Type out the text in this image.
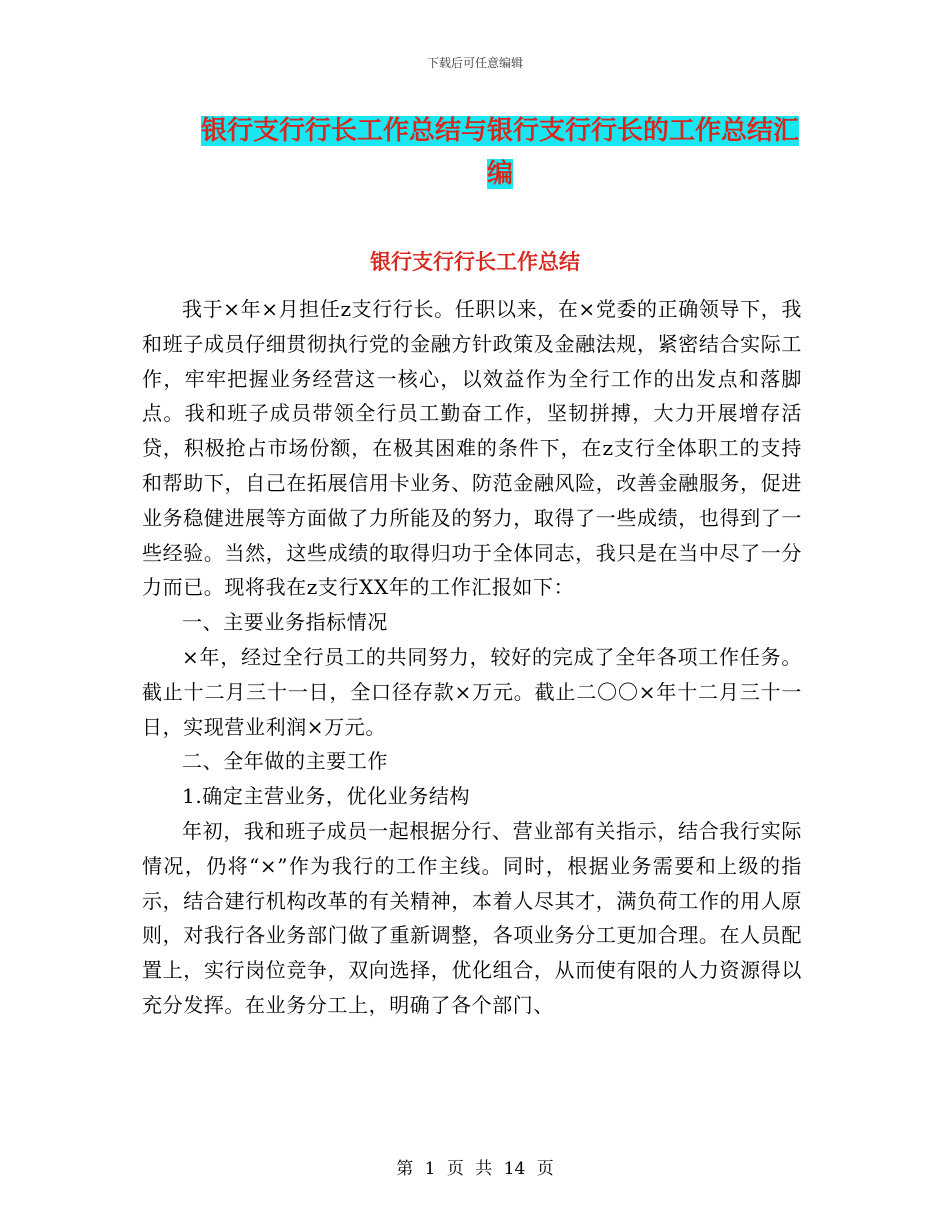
下载后可任意编辑
银行支行行长工作总结与银行支行行长的工作总结汇
编
银行支行行长工作总结

我于×年×月担任z支行行长。任职以来，在×党委的正确领导下，我和班子成员仔细贯彻执行党的金融方针政策及金融法规，紧密结合实际工作，牢牢把握业务经营这一核心，以效益作为全行工作的出发点和落脚点。我和班子成员带领全行员工勤奋工作，坚韧拼搏，大力开展增存活贷，积极抢占市场份额，在极其困难的条件下，在z支行全体职工的支持和帮助下，自己在拓展信用卡业务、防范金融风险，改善金融服务，促进业务稳健进展等方面做了力所能及的努力，取得了一些成绩，也得到了一些经验。当然，这些成绩的取得归功于全体同志，我只是在当中尽了一分力而已。现将我在z支行XX年的工作汇报如下：

一、主要业务指标情况

×年，经过全行员工的共同努力，较好的完成了全年各项工作任务。截止十二月三十一日，全口径存款×万元。截止二〇〇×年十二月三十一日，实现营业利润×万元。

二、全年做的主要工作

1.确定主营业务，优化业务结构

年初，我和班子成员一起根据分行、营业部有关指示，结合我行实际情况，仍将“×”作为我行的工作主线。同时，根据业务需要和上级的指示，结合建行机构改革的有关精神，本着人尽其才，满负荷工作的用人原则，对我行各业务部门做了重新调整，各项业务分工更加合理。在人员配置上，实行岗位竞争，双向选择，优化组合，从而使有限的人力资源得以充分发挥。在业务分工上，明确了各个部门、

第 1 页 共 14 页
